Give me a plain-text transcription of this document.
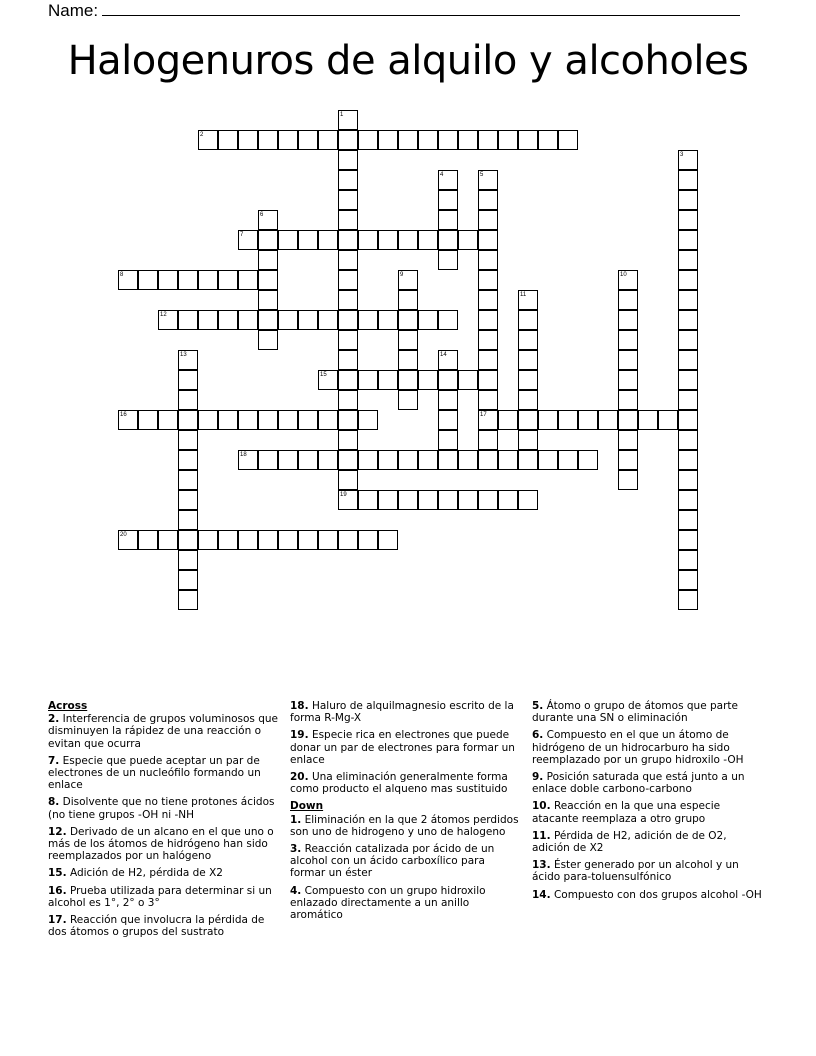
Name:
Halogenuros de alquilo y alcoholes
1
2
3
4	5
6
7
8	9	10
11
12
13	14
15
16	17
18
19
20
Across
2. Interferencia de grupos voluminosos que disminuyen la rápidez de una reacción o evitan que ocurra
7. Especie que puede aceptar un par de electrones de un nucleófilo formando un enlace
8. Disolvente que no tiene protones ácidos (no tiene grupos -OH ni -NH
12. Derivado de un alcano en el que uno o más de los átomos de hidrógeno han sido reemplazados por un halógeno
15. Adición de H2, pérdida de X2
16. Prueba utilizada para determinar si un alcohol es 1°, 2° o 3°
17. Reacción que involucra la pérdida de dos átomos o grupos del sustrato
18. Haluro de alquilmagnesio escrito de la forma R-Mg-X
19. Especie rica en electrones que puede donar un par de electrones para formar un enlace
20. Una eliminación generalmente forma como producto el alqueno mas sustituido
Down
1. Eliminación en la que 2 átomos perdidos son uno de hidrogeno y uno de halogeno
3. Reacción catalizada por ácido de un alcohol con un ácido carboxílico para formar un éster
4. Compuesto con un grupo hidroxilo enlazado directamente a un anillo aromático
5. Átomo o grupo de átomos que parte durante una SN o eliminación
6. Compuesto en el que un átomo de hidrógeno de un hidrocarburo ha sido reemplazado por un grupo hidroxilo -OH
9. Posición saturada que está junto a un enlace doble carbono-carbono
10. Reacción en la que una especie atacante reemplaza a otro grupo
11. Pérdida de H2, adición de de O2, adición de X2
13. Éster generado por un alcohol y un ácido para-toluensulfónico
14. Compuesto con dos grupos alcohol -OH
